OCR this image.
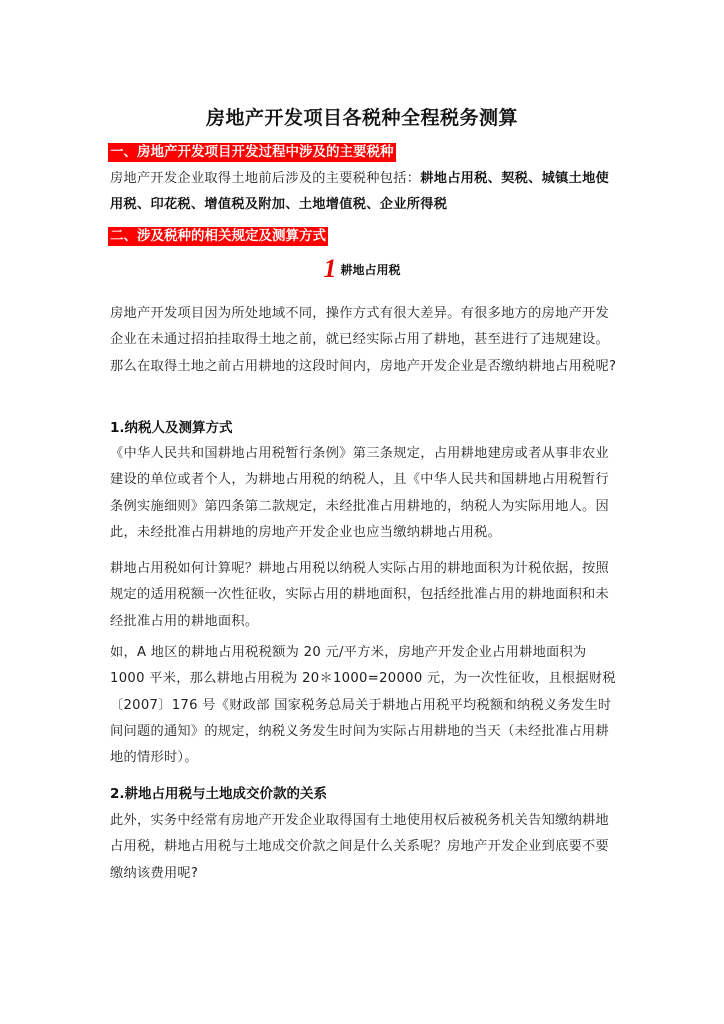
房地产开发项目各税种全程税务测算
一、房地产开发项目开发过程中涉及的主要税种
房地产开发企业取得土地前后涉及的主要税种包括：耕地占用税、契税、城镇土地使用税、印花税、增值税及附加、土地增值税、企业所得税
二、涉及税种的相关规定及测算方式
1 耕地占用税
房地产开发项目因为所处地域不同，操作方式有很大差异。有很多地方的房地产开发企业在未通过招拍挂取得土地之前，就已经实际占用了耕地，甚至进行了违规建设。那么在取得土地之前占用耕地的这段时间内，房地产开发企业是否缴纳耕地占用税呢?
1.纳税人及测算方式
《中华人民共和国耕地占用税暂行条例》第三条规定，占用耕地建房或者从事非农业建设的单位或者个人，为耕地占用税的纳税人，且《中华人民共和国耕地占用税暂行条例实施细则》第四条第二款规定，未经批准占用耕地的，纳税人为实际用地人。因此，未经批准占用耕地的房地产开发企业也应当缴纳耕地占用税。
耕地占用税如何计算呢？耕地占用税以纳税人实际占用的耕地面积为计税依据，按照规定的适用税额一次性征收，实际占用的耕地面积，包括经批准占用的耕地面积和未经批准占用的耕地面积。
如，A 地区的耕地占用税税额为 20 元/平方米，房地产开发企业占用耕地面积为 1000 平米，那么耕地占用税为 20＊1000=20000 元，为一次性征收，且根据财税〔2007〕176 号《财政部 国家税务总局关于耕地占用税平均税额和纳税义务发生时间问题的通知》的规定，纳税义务发生时间为实际占用耕地的当天（未经批准占用耕地的情形时）。
2.耕地占用税与土地成交价款的关系
此外，实务中经常有房地产开发企业取得国有土地使用权后被税务机关告知缴纳耕地占用税，耕地占用税与土地成交价款之间是什么关系呢？房地产开发企业到底要不要缴纳该费用呢?
